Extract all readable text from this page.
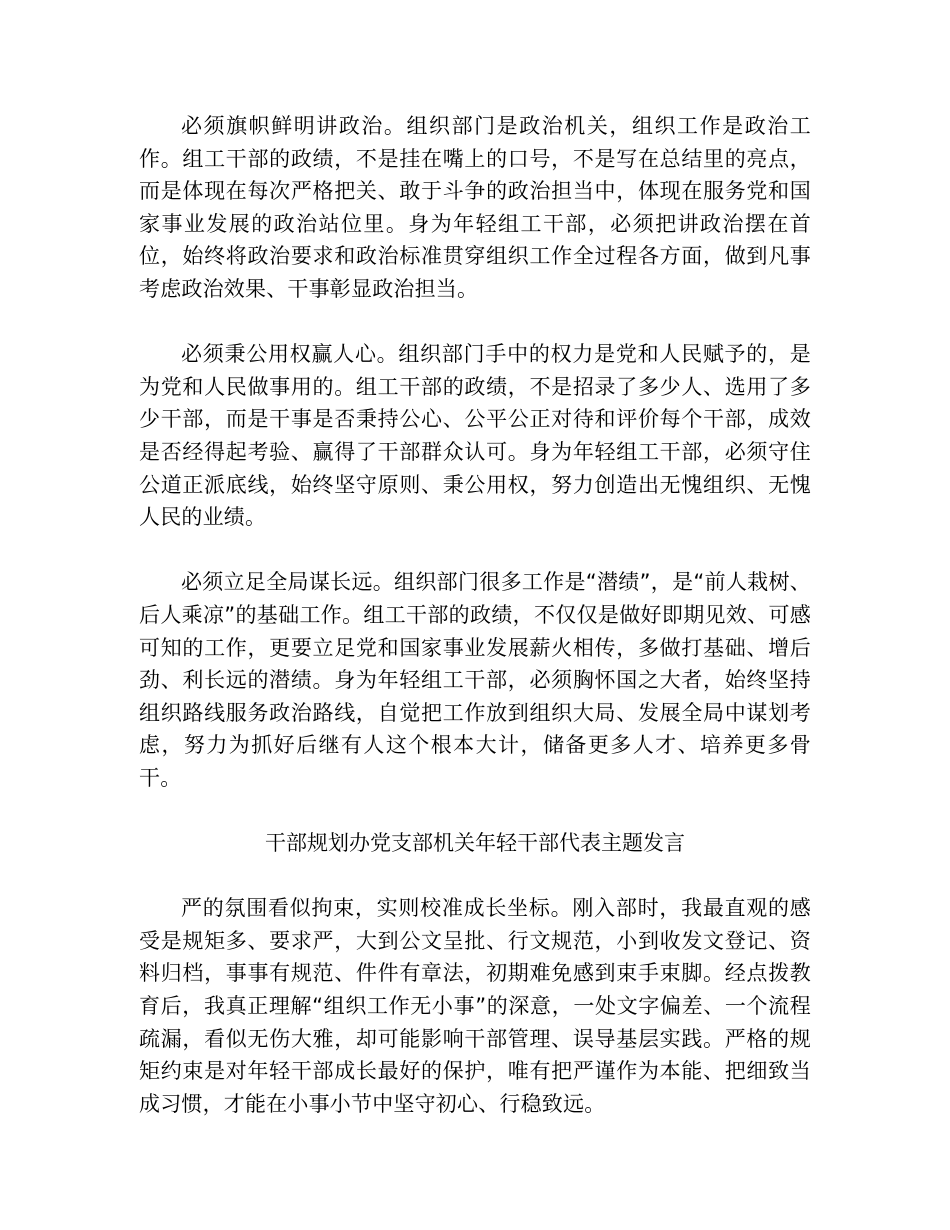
必须旗帜鲜明讲政治。组织部门是政治机关，组织工作是政治工作。组工干部的政绩，不是挂在嘴上的口号，不是写在总结里的亮点，而是体现在每次严格把关、敢于斗争的政治担当中，体现在服务党和国家事业发展的政治站位里。身为年轻组工干部，必须把讲政治摆在首位，始终将政治要求和政治标准贯穿组织工作全过程各方面，做到凡事考虑政治效果、干事彰显政治担当。

必须秉公用权赢人心。组织部门手中的权力是党和人民赋予的，是为党和人民做事用的。组工干部的政绩，不是招录了多少人、选用了多少干部，而是干事是否秉持公心、公平公正对待和评价每个干部，成效是否经得起考验、赢得了干部群众认可。身为年轻组工干部，必须守住公道正派底线，始终坚守原则、秉公用权，努力创造出无愧组织、无愧人民的业绩。

必须立足全局谋长远。组织部门很多工作是“潜绩”，是“前人栽树、后人乘凉”的基础工作。组工干部的政绩，不仅仅是做好即期见效、可感可知的工作，更要立足党和国家事业发展薪火相传，多做打基础、增后劲、利长远的潜绩。身为年轻组工干部，必须胸怀国之大者，始终坚持组织路线服务政治路线，自觉把工作放到组织大局、发展全局中谋划考虑，努力为抓好后继有人这个根本大计，储备更多人才、培养更多骨干。

干部规划办党支部机关年轻干部代表主题发言

严的氛围看似拘束，实则校准成长坐标。刚入部时，我最直观的感受是规矩多、要求严，大到公文呈批、行文规范，小到收发文登记、资料归档，事事有规范、件件有章法，初期难免感到束手束脚。经点拨教育后，我真正理解“组织工作无小事”的深意，一处文字偏差、一个流程疏漏，看似无伤大雅，却可能影响干部管理、误导基层实践。严格的规矩约束是对年轻干部成长最好的保护，唯有把严谨作为本能、把细致当成习惯，才能在小事小节中坚守初心、行稳致远。
